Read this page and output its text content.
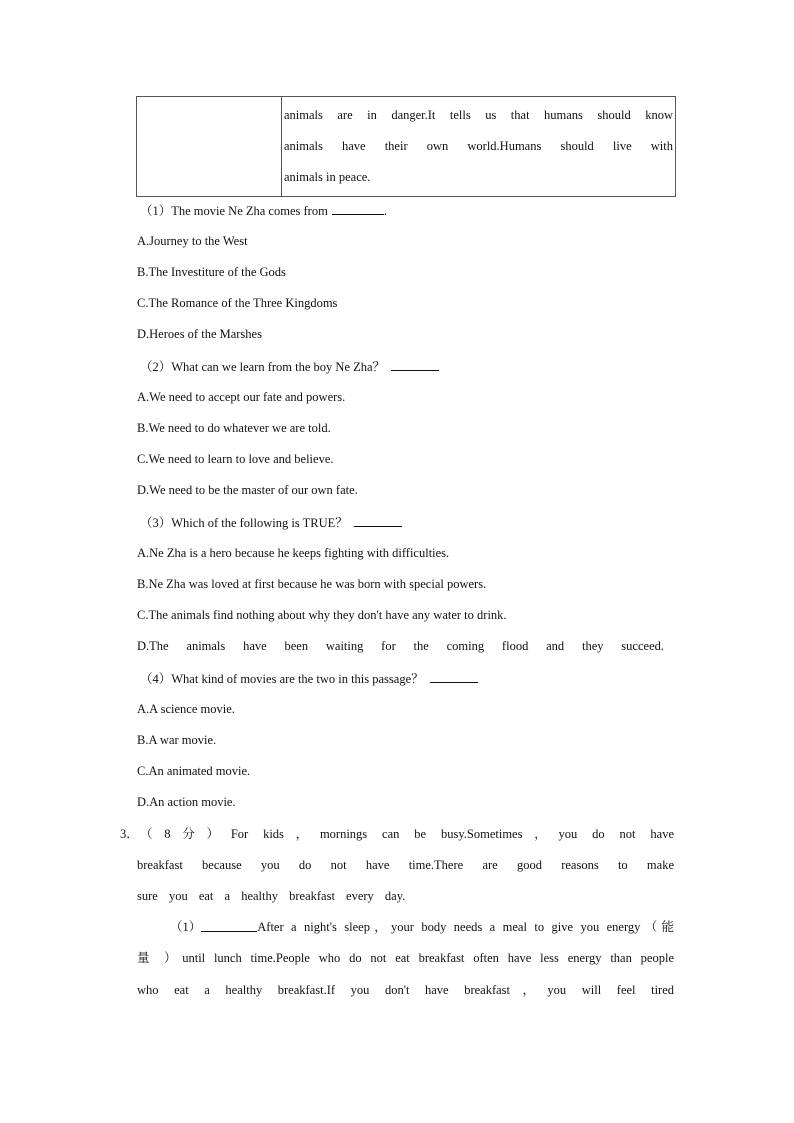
animals are in danger.It tells us that humans should know
animals have their own world.Humans should live with
animals in peace.
（1）The movie Ne Zha comes from	.
A.Journey to the West
B.The Investiture of the Gods
C.The Romance of the Three Kingdoms
D.Heroes of the Marshes
（2）What can we learn from the boy Ne Zha？
A.We need to accept our fate and powers.
B.We need to do whatever we are told.
C.We need to learn to love and believe.
D.We need to be the master of our own fate.
（3）Which of the following is TRUE？
A.Ne Zha is a hero because he keeps fighting with difficulties.
B.Ne Zha was loved at first because he was born with special powers.
C.The animals find nothing about why they don't have any water to drink.
D.The animals have been waiting for the coming flood and they succeed.
（4）What kind of movies are the two in this passage？
A.A science movie.
B.A war movie.
C.An animated movie.
D.An action movie.
3． （8分）For kids，mornings can be busy.Sometimes，you do not have
breakfast because you do not have time.There are good reasons to make
sure you eat a healthy breakfast every day.
（1）	After a night's sleep，your body needs a meal to give you energy（能
量 ）until lunch time.People who do not eat breakfast often have less energy than people
who eat a healthy breakfast.If you don't have breakfast，you will feel tired
